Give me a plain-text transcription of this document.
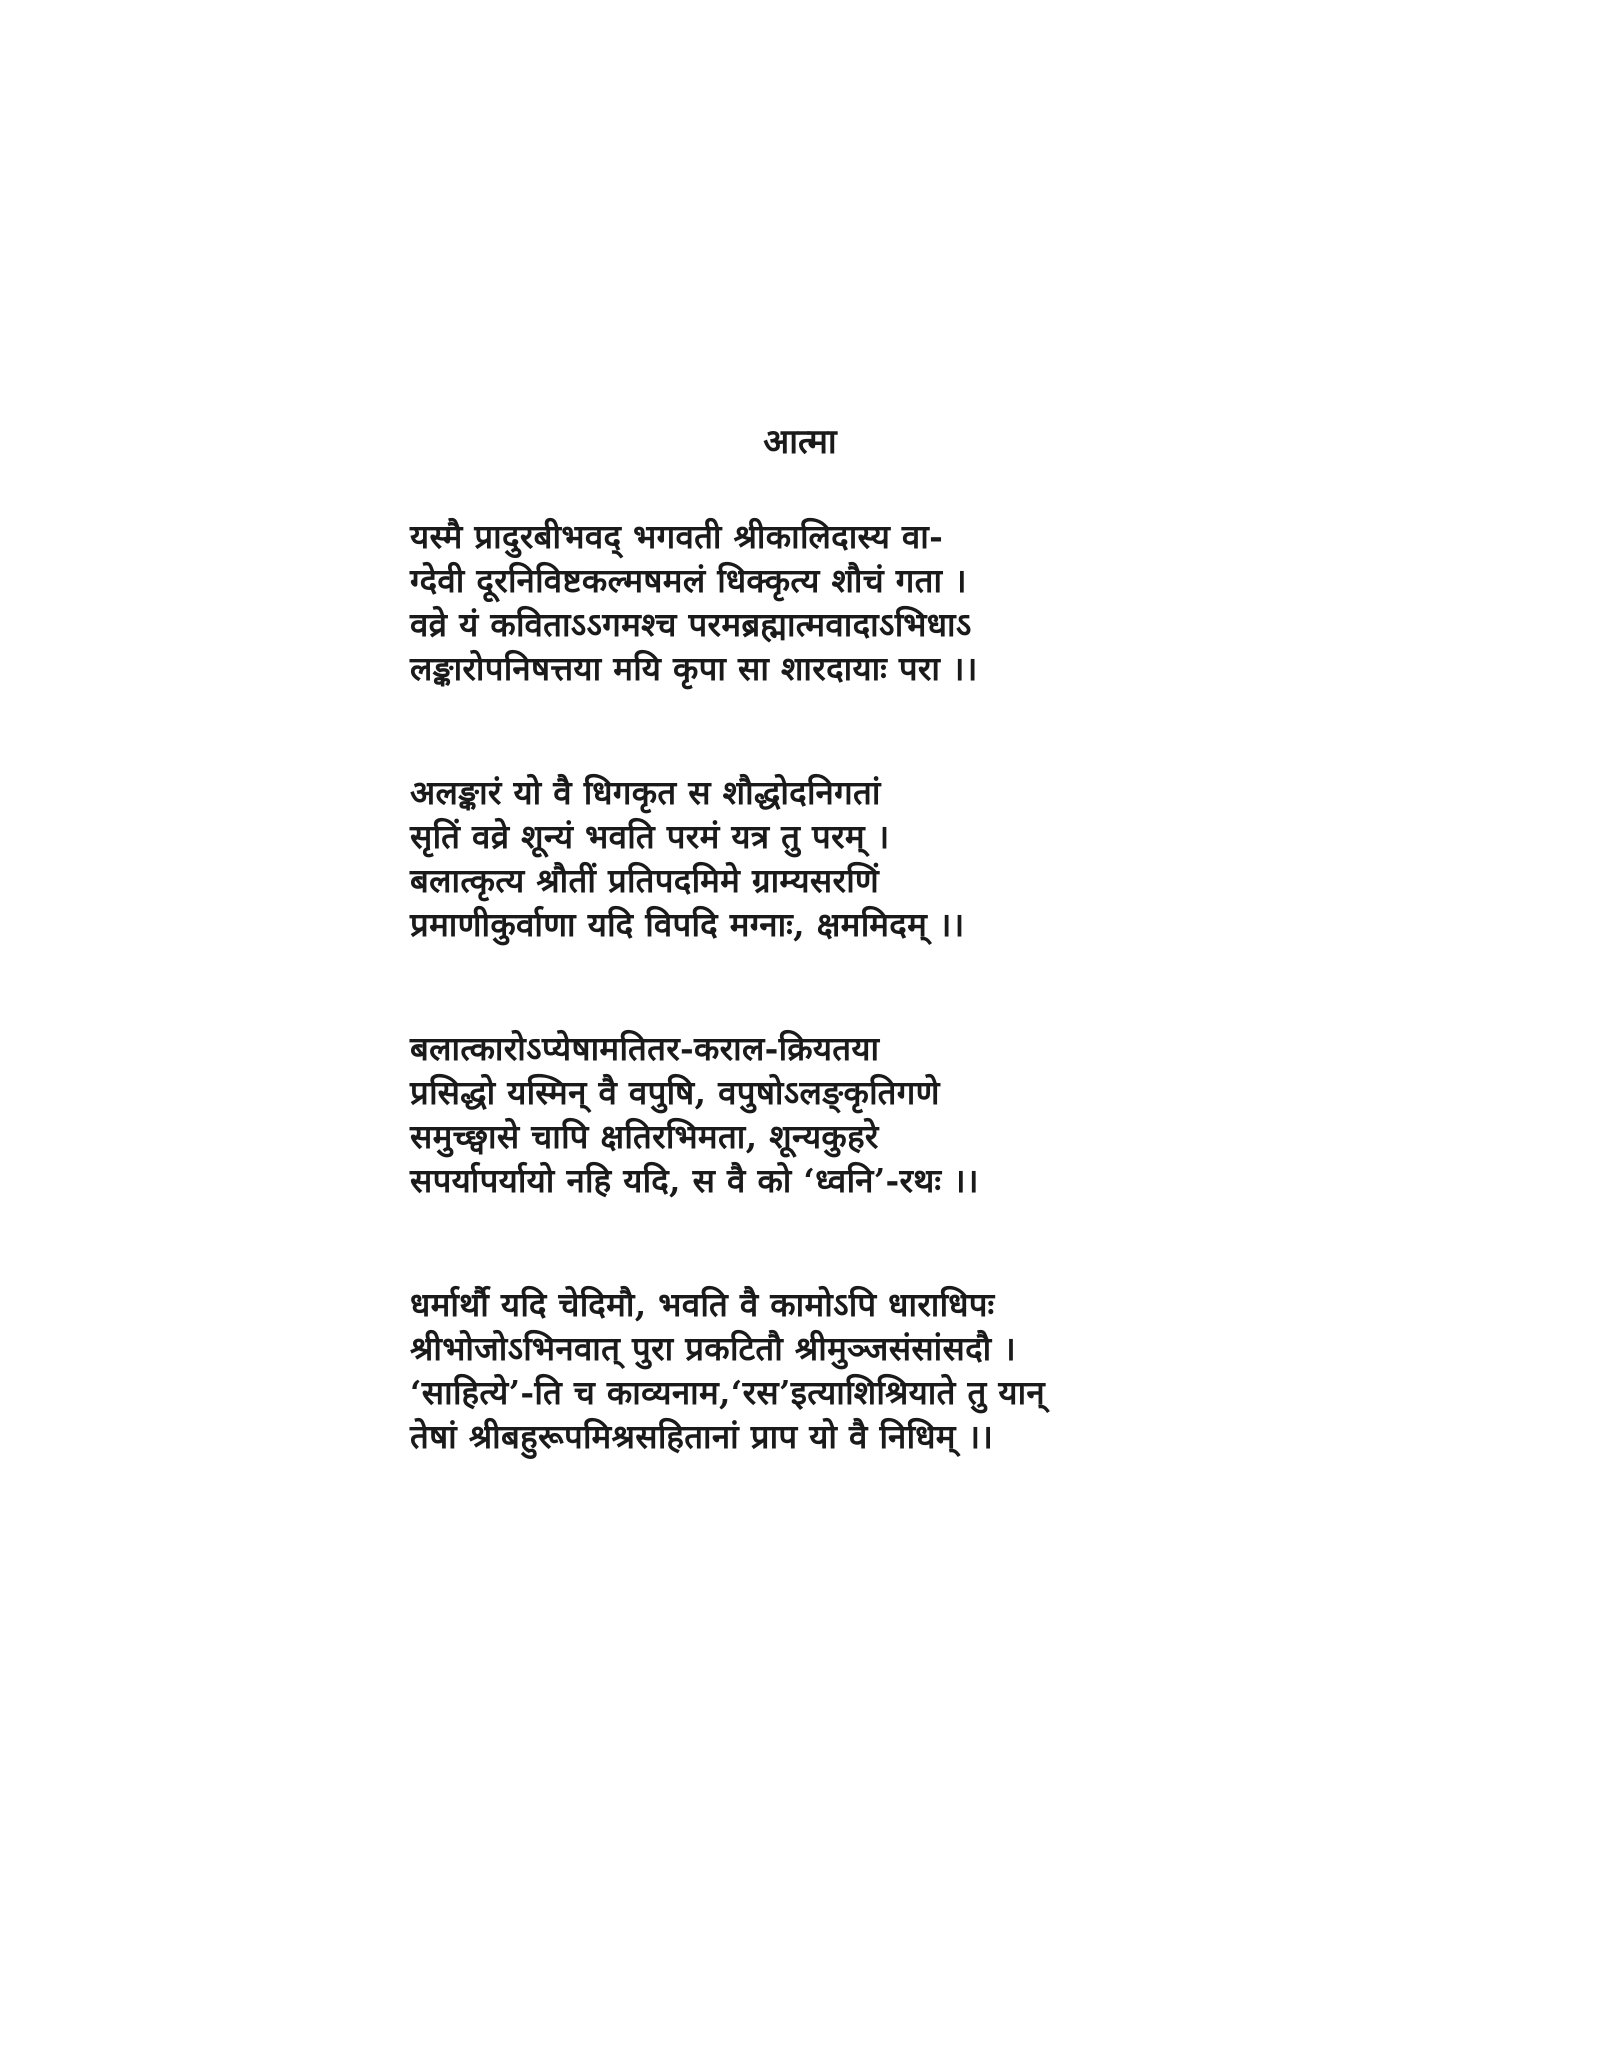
आत्मा
यस्मै प्रादुरबीभवद् भगवती श्रीकालिदास्य वा-
ग्देवी दूरनिविष्टकल्मषमलं धिक्कृत्य शौचं गता ।
वव्रे यं कविताऽऽगमश्च परमब्रह्मात्मवादाऽभिधाऽ
लङ्कारोपनिषत्तया मयि कृपा सा शारदायाः परा ।।
अलङ्कारं यो वै धिगकृत स शौद्धोदनिगतां
सृतिं वव्रे शून्यं भवति परमं यत्र तु परम् ।
बलात्कृत्य श्रौतीं प्रतिपदमिमे ग्राम्यसरणिं
प्रमाणीकुर्वाणा यदि विपदि मग्नाः, क्षममिदम् ।।
बलात्कारोऽप्येषामतितर-कराल-क्रियतया
प्रसिद्धो यस्मिन् वै वपुषि, वपुषोऽलङ्कृतिगणे
समुच्छ्वासे चापि क्षतिरभिमता, शून्यकुहरे
सपर्यापर्यायो नहि यदि, स वै को ‘ध्वनि’-रथः ।।
धर्मार्थौ यदि चेदिमौ, भवति वै कामोऽपि धाराधिपः
श्रीभोजोऽभिनवात् पुरा प्रकटितौ श्रीमुञ्जसंसांसदौ ।
‘साहित्ये’-ति च काव्यनाम,‘रस’इत्याशिश्रियाते तु यान्
तेषां श्रीबहुरूपमिश्रसहितानां प्राप यो वै निधिम् ।।
